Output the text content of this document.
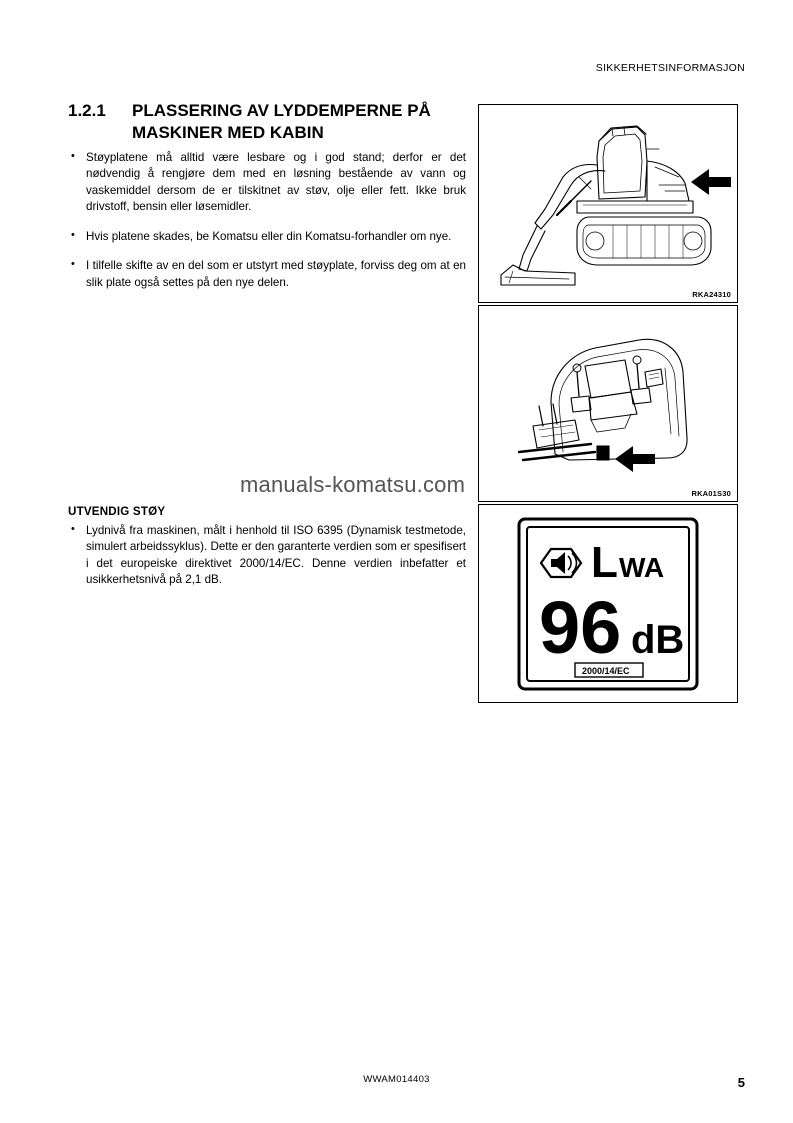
SIKKERHETSINFORMASJON
1.2.1 PLASSERING AV LYDDEMPERNE PÅ
MASKINER MED KABIN
• Støyplatene må alltid være lesbare og i god stand; derfor er det nødvendig å rengjøre dem med en løsning bestående av vann og vaskemiddel dersom de er tilskitnet av støv, olje eller fett. Ikke bruk drivstoff, bensin eller løsemidler.
• Hvis platene skades, be Komatsu eller din Komatsu-forhandler om nye.
• I tilfelle skifte av en del som er utstyrt med støyplate, forviss deg om at en slik plate også settes på den nye delen.
manuals-komatsu.com
UTVENDIG STØY
• Lydnivå fra maskinen, målt i henhold til ISO 6395 (Dynamisk testmetode, simulert arbeidssyklus). Dette er den garanterte verdien som er spesifisert i det europeiske direktivet 2000/14/EC. Denne verdien inbefatter et usikkerhetsnivå på 2,1 dB.
RKA24310
RKA01S30
L WA
96 dB
2000/14/EC
WWAM014403	5
